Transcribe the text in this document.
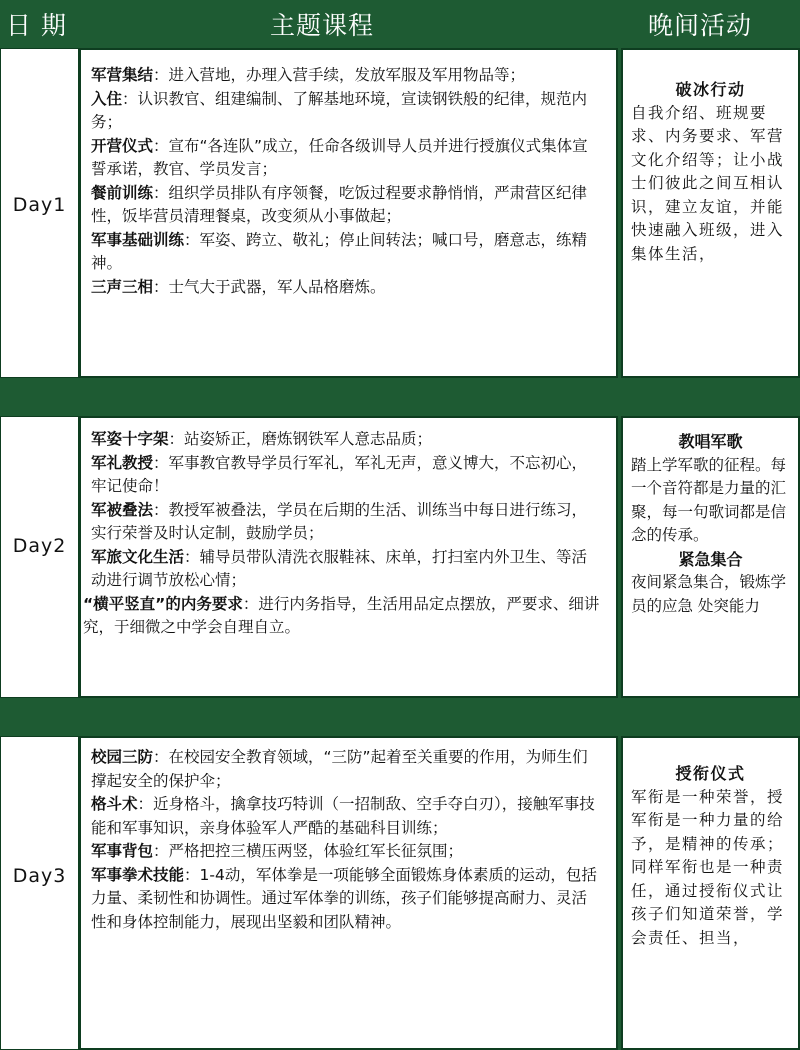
日 期	主题课程	晚间活动
Day1
军营集结：进入营地，办理入营手续，发放军服及军用物品等；
入住：认识教官、组建编制、了解基地环境，宣读钢铁般的纪律，规范内务；
开营仪式：宣布“各连队”成立，任命各级训导人员并进行授旗仪式集体宣誓承诺，教官、学员发言；
餐前训练：组织学员排队有序领餐，吃饭过程要求静悄悄，严肃营区纪律性，饭毕营员清理餐桌，改变须从小事做起；
军事基础训练：军姿、跨立、敬礼；停止间转法；喊口号，磨意志，练精神。
三声三相：士气大于武器，军人品格磨炼。
破冰行动
自我介绍、班规要求、内务要求、军营文化介绍等；让小战士们彼此之间互相认识，建立友谊，并能快速融入班级，进入集体生活，
Day2
军姿十字架：站姿矫正，磨炼钢铁军人意志品质；
军礼教授：军事教官教导学员行军礼，军礼无声，意义博大，不忘初心，牢记使命！
军被叠法：教授军被叠法，学员在后期的生活、训练当中每日进行练习，实行荣誉及时认定制，鼓励学员；
军旅文化生活：辅导员带队清洗衣服鞋袜、床单，打扫室内外卫生、等活动进行调节放松心情；
“横平竖直”的内务要求：进行内务指导，生活用品定点摆放，严要求、细讲究，于细微之中学会自理自立。
教唱军歌
踏上学军歌的征程。每一个音符都是力量的汇聚，每一句歌词都是信念的传承。
紧急集合
夜间紧急集合，锻炼学员的应急 处突能力
Day3
校园三防：在校园安全教育领域，“三防”起着至关重要的作用，为师生们撑起安全的保护伞；
格斗术：近身格斗，擒拿技巧特训（一招制敌、空手夺白刃），接触军事技能和军事知识，亲身体验军人严酷的基础科目训练；
军事背包：严格把控三横压两竖，体验红军长征氛围；
军事拳术技能：1-4动，军体拳是一项能够全面锻炼身体素质的运动，包括力量、柔韧性和协调性。通过军体拳的训练，孩子们能够提高耐力、灵活性和身体控制能力，展现出坚毅和团队精神。
授衔仪式
军衔是一种荣誉，授军衔是一种力量的给予，是精神的传承；同样军衔也是一种责任，通过授衔仪式让孩子们知道荣誉，学会责任、担当，
